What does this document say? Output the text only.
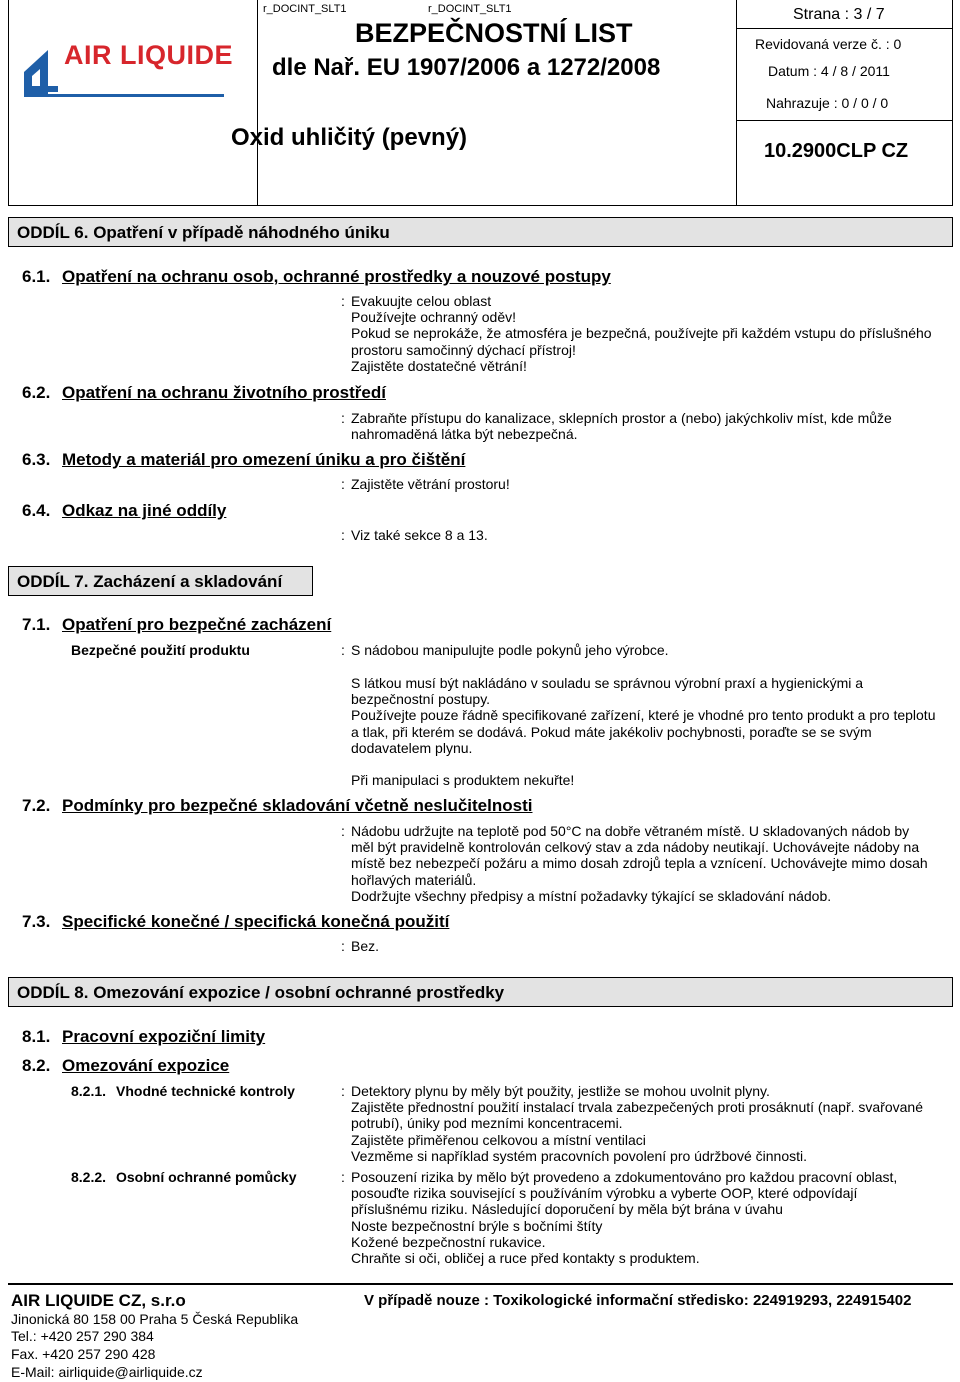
AIR LIQUIDE
r_DOCINT_SLT1	r_DOCINT_SLT1
BEZPEČNOSTNÍ LIST
dle Nař. EU 1907/2006 a 1272/2008
Oxid uhličitý (pevný)
Strana : 3 / 7
Revidovaná verze č. : 0
Datum : 4 / 8 / 2011
Nahrazuje : 0 / 0 / 0
10.2900CLP CZ
ODDÍL 6. Opatření v případě náhodného úniku
6.1. Opatření na ochranu osob, ochranné prostředky a nouzové postupy
: Evakuujte celou oblast
Používejte ochranný oděv!
Pokud se neprokáže, že atmosféra je bezpečná, používejte při každém vstupu do příslušného
prostoru samočinný dýchací přístroj!
Zajistěte dostatečné větrání!
6.2. Opatření na ochranu životního prostředí
: Zabraňte přístupu do kanalizace, sklepních prostor a (nebo) jakýchkoliv míst, kde může
nahromaděná látka být nebezpečná.
6.3. Metody a materiál pro omezení úniku a pro čištění
: Zajistěte větrání prostoru!
6.4. Odkaz na jiné oddíly
: Viz také sekce 8 a 13.
ODDÍL 7. Zacházení a skladování
7.1. Opatření pro bezpečné zacházení
Bezpečné použití produktu	: S nádobou manipulujte podle pokynů jeho výrobce.
S látkou musí být nakládáno v souladu se správnou výrobní praxí a hygienickými a
bezpečnostní postupy.
Používejte pouze řádně specifikované zařízení, které je vhodné pro tento produkt a pro teplotu
a tlak, při kterém se dodává. Pokud máte jakékoliv pochybnosti, poraďte se se svým
dodavatelem plynu.
Při manipulaci s produktem nekuřte!
7.2. Podmínky pro bezpečné skladování včetně neslučitelnosti
: Nádobu udržujte na teplotě pod 50°C na dobře větraném místě. U skladovaných nádob by
měl být pravidelně kontrolován celkový stav a zda nádoby neutikají. Uchovávejte nádoby na
místě bez nebezpečí požáru a mimo dosah zdrojů tepla a vznícení. Uchovávejte mimo dosah
hořlavých materiálů.
Dodržujte všechny předpisy a místní požadavky týkající se skladování nádob.
7.3. Specifické konečné / specifická konečná použití
: Bez.
ODDÍL 8. Omezování expozice / osobní ochranné prostředky
8.1. Pracovní expoziční limity
8.2. Omezování expozice
8.2.1. Vhodné technické kontroly	: Detektory plynu by měly být použity, jestliže se mohou uvolnit plyny.
Zajistěte přednostní použití instalací trvala zabezpečených proti prosáknutí (např. svařované
potrubí), úniky pod mezními koncentracemi.
Zajistěte přiměřenou celkovou a místní ventilaci
Vezměme si například systém pracovních povolení pro údržbové činnosti.
8.2.2. Osobní ochranné pomůcky	: Posouzení rizika by mělo být provedeno a zdokumentováno pro každou pracovní oblast,
posouďte rizika související s používáním výrobku a vyberte OOP, které odpovídají
příslušnému riziku. Následující doporučení by měla být brána v úvahu
Noste bezpečnostní brýle s bočními štíty
Kožené bezpečnostní rukavice.
Chraňte si oči, obličej a ruce před kontakty s produktem.
AIR LIQUIDE CZ, s.r.o	V případě nouze : Toxikologické informační středisko: 224919293, 224915402
Jinonická 80 158 00 Praha 5 Česká Republika
Tel.: +420 257 290 384
Fax. +420 257 290 428
E-Mail: airliquide@airliquide.cz
